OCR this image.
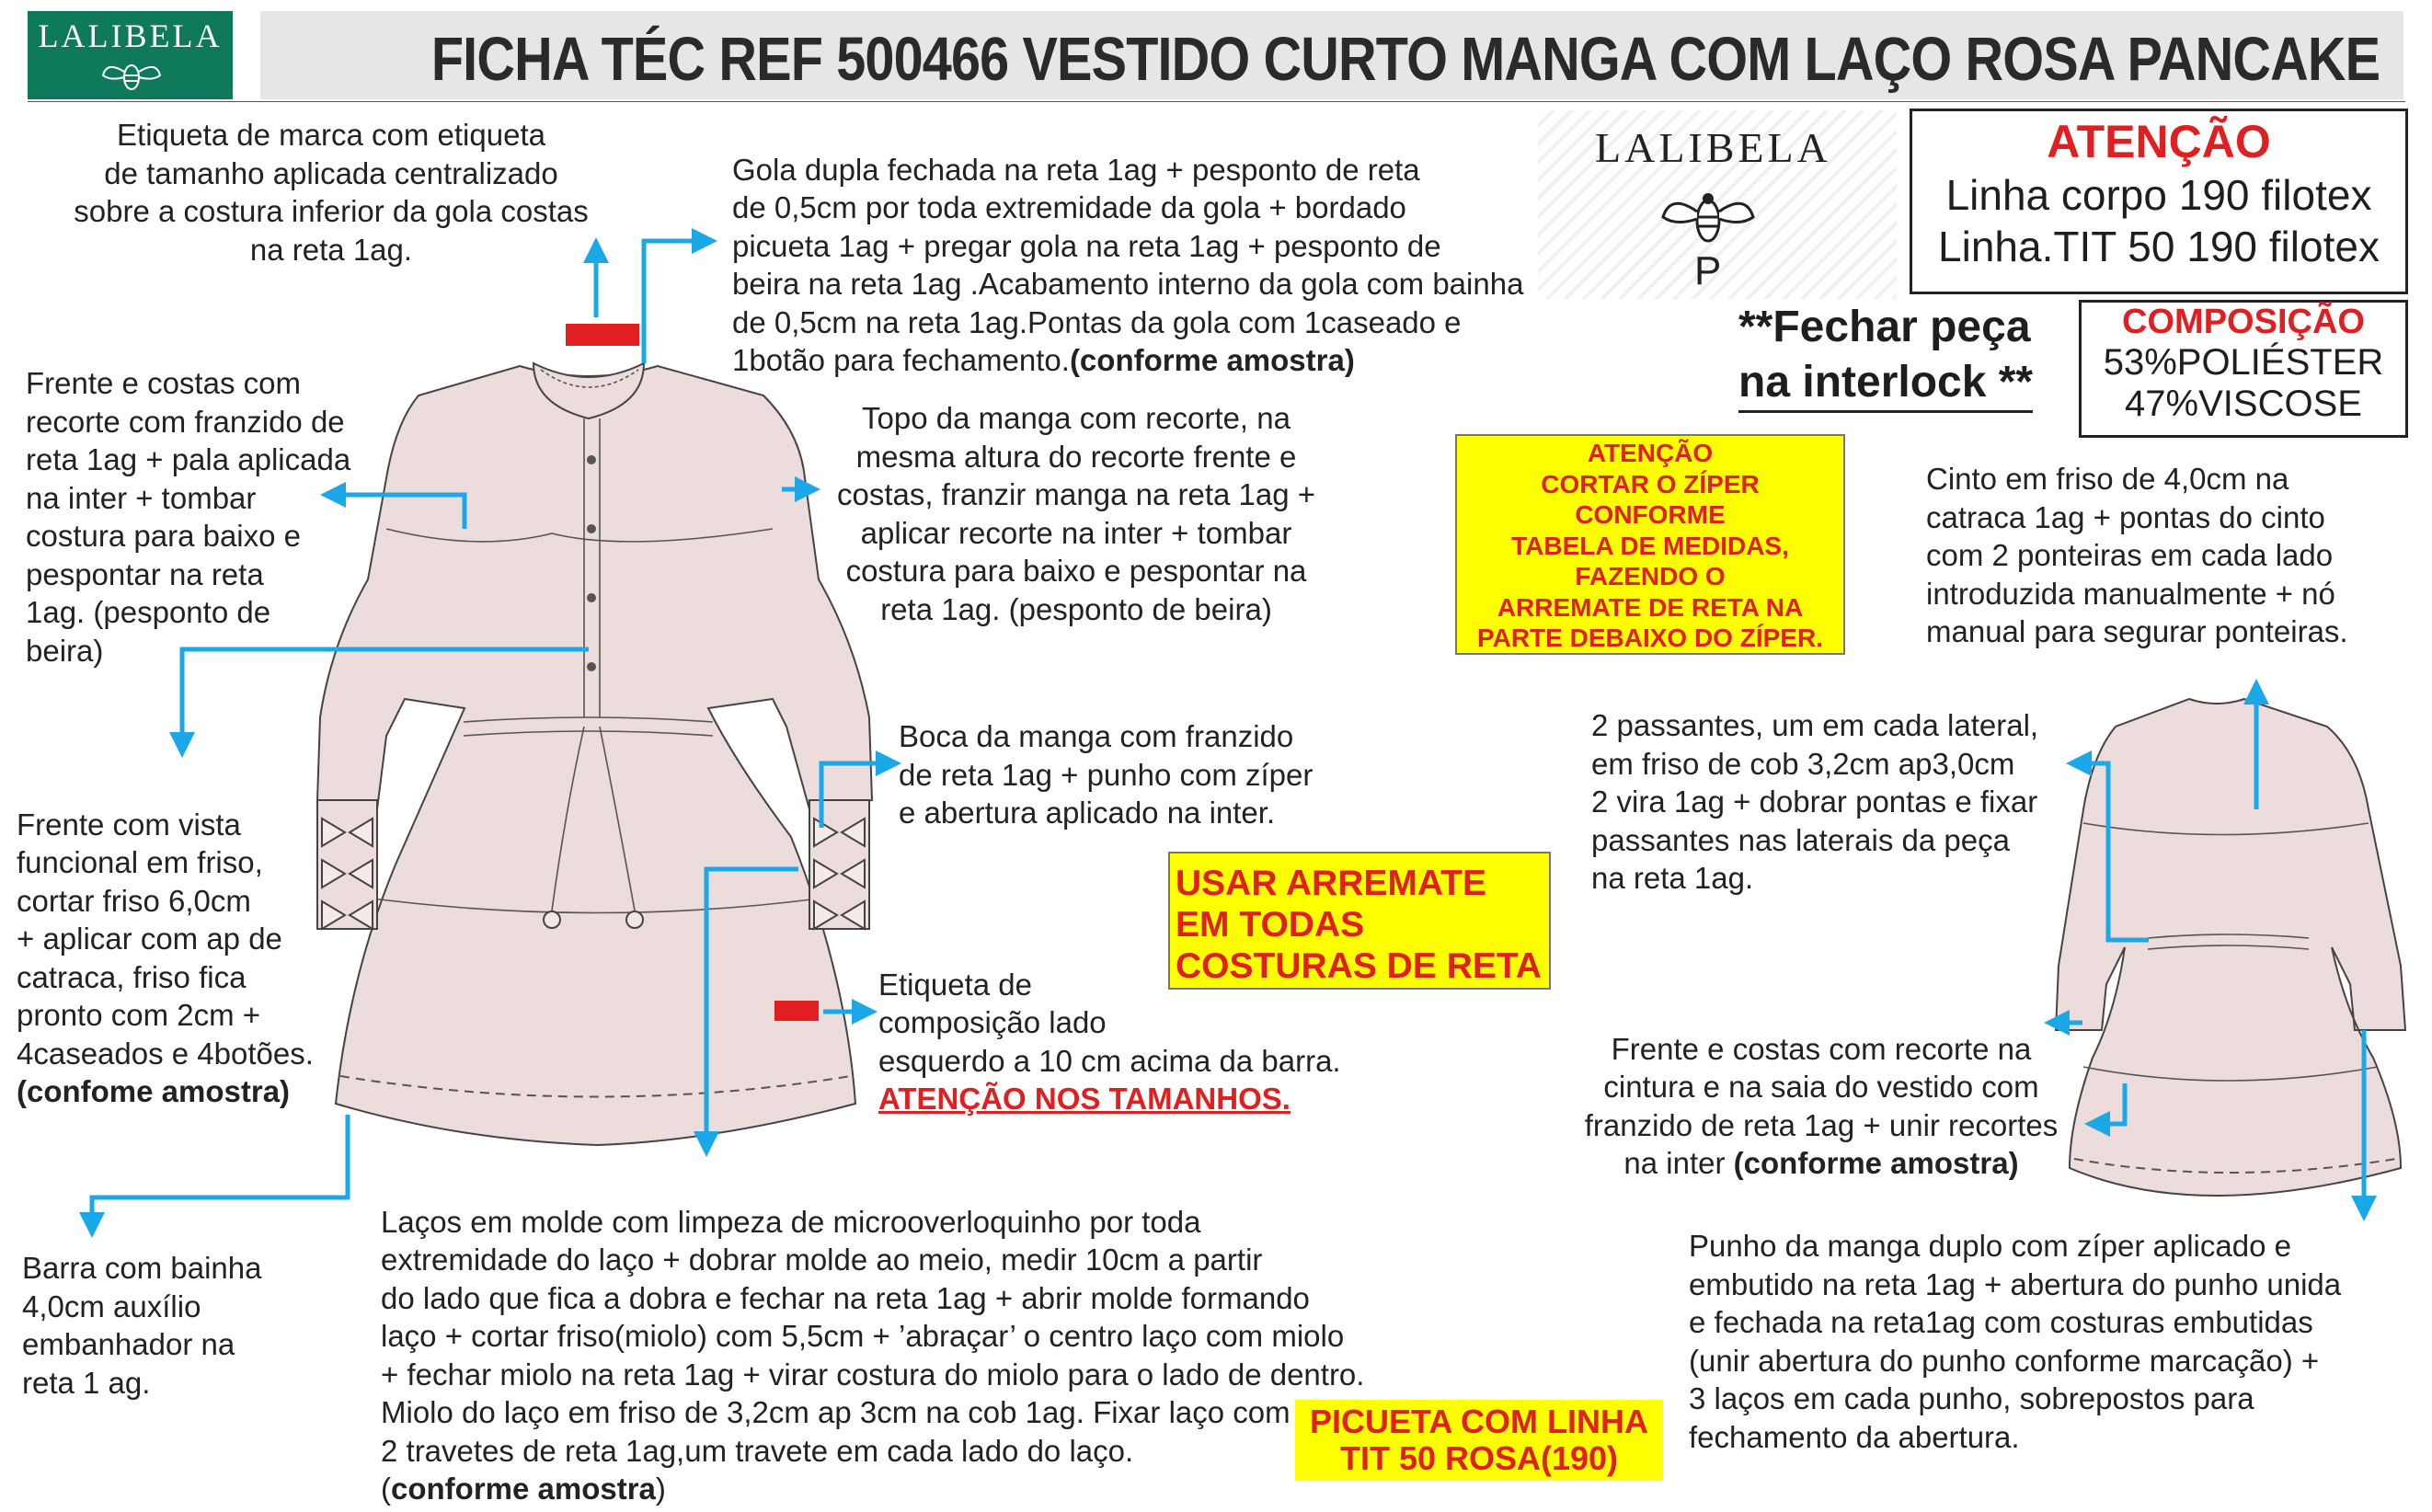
LALIBELA	FICHA TÉC REF 500466 VESTIDO CURTO MANGA COM LAÇO ROSA PANCAKE
LALIBELA
P
ATENÇÃO
Linha corpo 190 filotex
Linha.TIT 50 190 filotex
**Fechar peça
na interlock **
COMPOSIÇÃO
53%POLIÉSTER
47%VISCOSE
ATENÇÃO
CORTAR O ZÍPER
CONFORME
TABELA DE MEDIDAS,
FAZENDO O
ARREMATE DE RETA NA
PARTE DEBAIXO DO ZÍPER.
USAR ARREMATE
EM TODAS
COSTURAS DE RETA
PICUETA COM LINHA
TIT 50 ROSA(190)
Etiqueta de marca com etiqueta
de tamanho aplicada centralizado
sobre a costura inferior da gola costas
na reta 1ag.

Gola dupla fechada na reta 1ag + pesponto de reta
de 0,5cm por toda extremidade da gola + bordado
picueta 1ag + pregar gola na reta 1ag + pesponto de
beira na reta 1ag .Acabamento interno da gola com bainha
de 0,5cm na reta 1ag.Pontas da gola com 1caseado e
1botão para fechamento.(conforme amostra)

Frente e costas com
recorte com franzido de
reta 1ag + pala aplicada
na inter + tombar
costura para baixo e
pespontar na reta
1ag. (pesponto de
beira)
Topo da manga com recorte, na
mesma altura do recorte frente e
costas, franzir manga na reta 1ag +
aplicar recorte na inter + tombar
costura para baixo e pespontar na
reta 1ag. (pesponto de beira)
Cinto em friso de 4,0cm na
catraca 1ag + pontas do cinto
com 2 ponteiras em cada lado
introduzida manualmente + nó
manual para segurar ponteiras.

Frente com vista
funcional em friso,
cortar friso 6,0cm
+ aplicar com ap de
catraca, friso fica
pronto com 2cm +
4caseados e 4botões.
(confome amostra)

Boca da manga com franzido
de reta 1ag + punho com zíper
e abertura aplicado na inter.

Etiqueta de
composição lado
esquerdo a 10 cm acima da barra.
ATENÇÃO NOS TAMANHOS.

2 passantes, um em cada lateral,
em friso de cob 3,2cm ap3,0cm
2 vira 1ag + dobrar pontas e fixar
passantes nas laterais da peça
na reta 1ag.

Frente e costas com recorte na
cintura e na saia do vestido com
franzido de reta 1ag + unir recortes
na inter (conforme amostra)

Barra com bainha
4,0cm auxílio
embanhador na
reta 1 ag.

Laços em molde com limpeza de microoverloquinho por toda
extremidade do laço + dobrar molde ao meio, medir 10cm a partir
do lado que fica a dobra e fechar na reta 1ag + abrir molde formando
laço + cortar friso(miolo) com 5,5cm + ’abraçar’ o centro laço com miolo
+ fechar miolo na reta 1ag + virar costura do miolo para o lado de dentro.
Miolo do laço em friso de 3,2cm ap 3cm na cob 1ag. Fixar laço com
2 travetes de reta 1ag,um travete em cada lado do laço.
(conforme amostra)

Punho da manga duplo com zíper aplicado e
embutido na reta 1ag + abertura do punho unida
e fechada na reta1ag com costuras embutidas
(unir abertura do punho conforme marcação) +
3 laços em cada punho, sobrepostos para
fechamento da abertura.
